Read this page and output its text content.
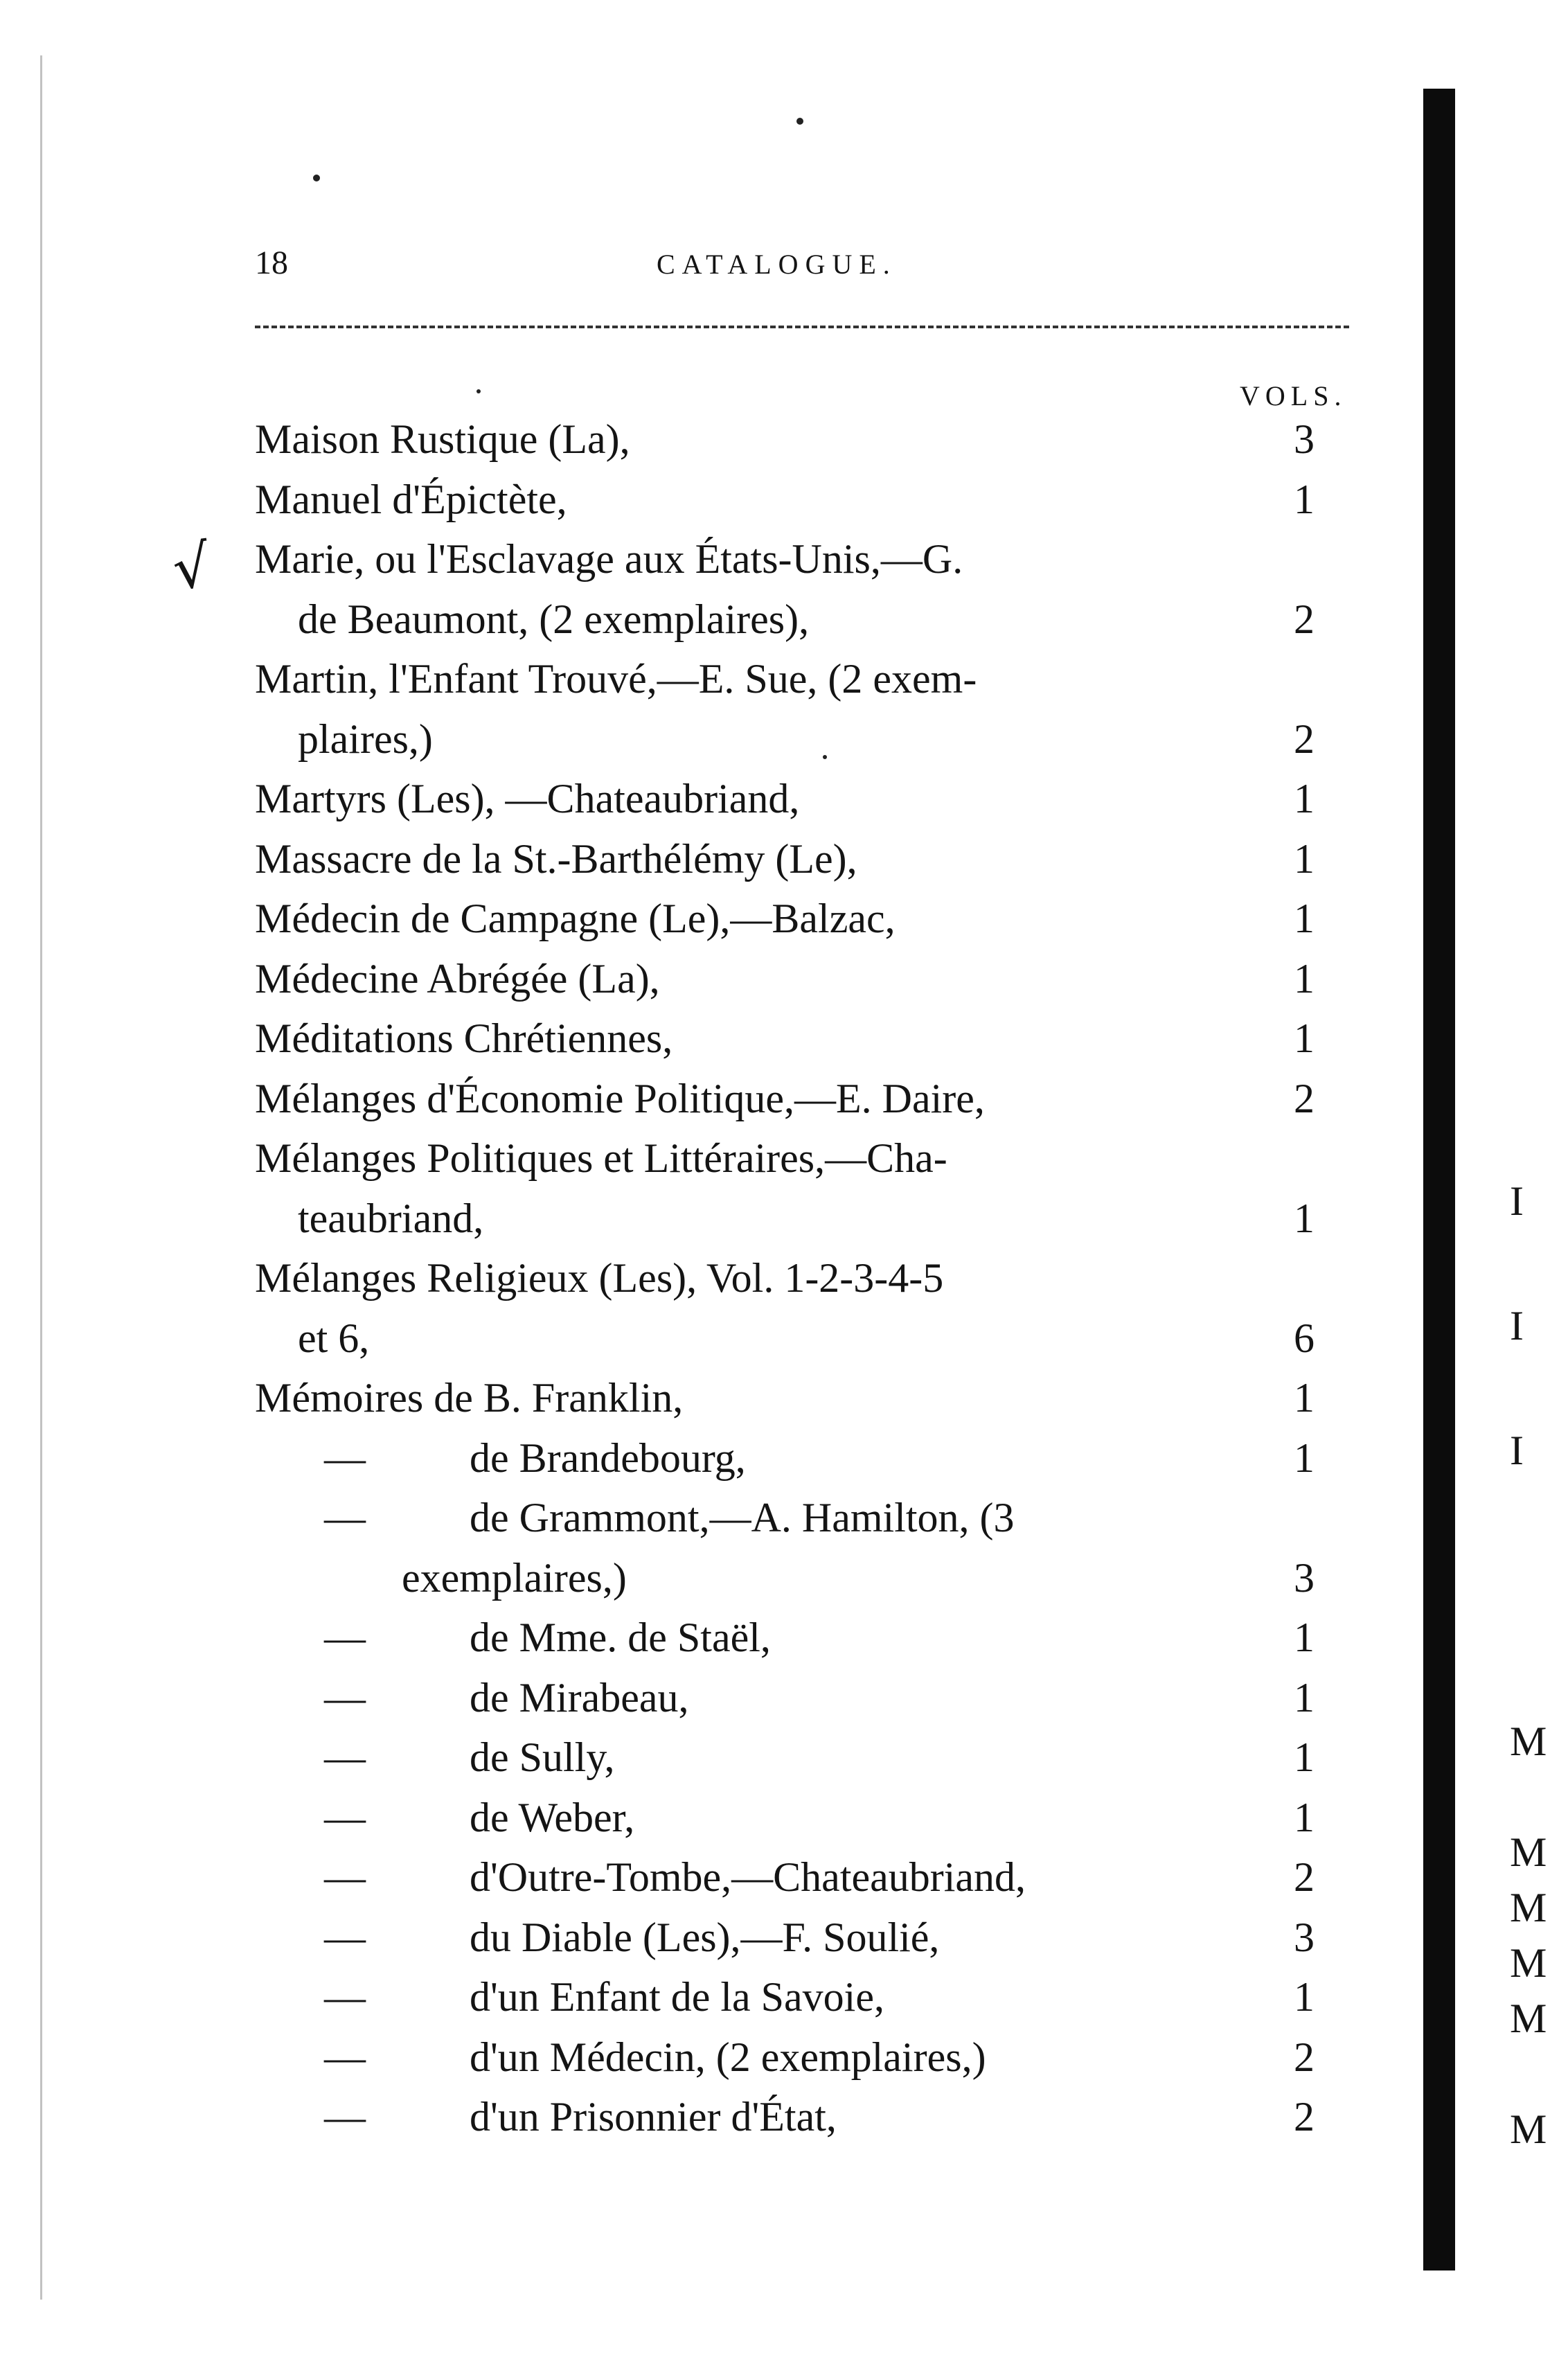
18	CATALOGUE.
VOLS.
√
Maison Rustique (La),	3
Manuel d'Épictète,	1
Marie, ou l'Esclavage aux États-Unis,—G.
de Beaumont, (2 exemplaires),	2
Martin, l'Enfant Trouvé,—E. Sue, (2 exem-
plaires,)	2
Martyrs (Les), —Chateaubriand,	1
Massacre de la St.-Barthélémy (Le),	1
Médecin de Campagne (Le),—Balzac,	1
Médecine Abrégée (La),	1
Méditations Chrétiennes,	1
Mélanges d'Économie Politique,—E. Daire,	2
Mélanges Politiques et Littéraires,—Cha-
teaubriand,	1
Mélanges Religieux (Les), Vol. 1-2-3-4-5
et 6,	6
Mémoires de B. Franklin,	1
—	de Brandebourg,	1
—	de Grammont,—A. Hamilton, (3
exemplaires,)	3
—	de Mme. de Staël,	1
—	de Mirabeau,	1
—	de Sully,	1
—	de Weber,	1
—	d'Outre-Tombe,—Chateaubriand,	2
—	du Diable (Les),—F. Soulié,	3
—	d'un Enfant de la Savoie,	1
—	d'un Médecin, (2 exemplaires,)	2
—	d'un Prisonnier d'État,	2
I
I
I
M
M
M
M
M
M
